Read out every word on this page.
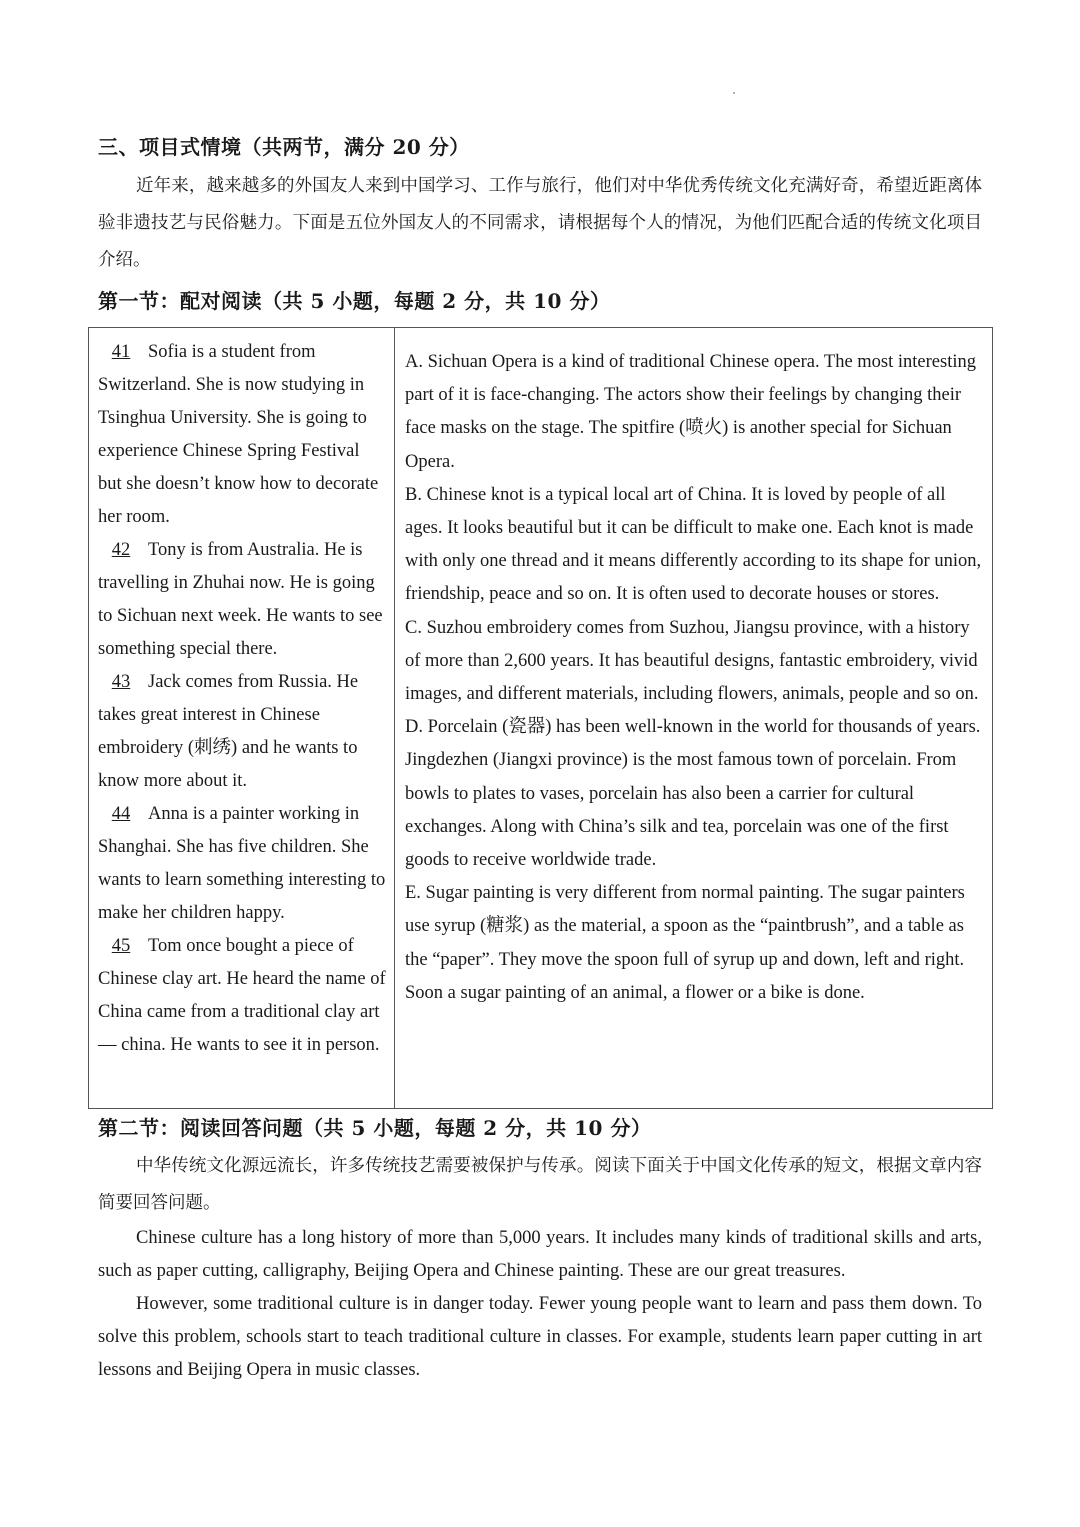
三、项目式情境（共两节，满分 20 分）

近年来，越来越多的外国友人来到中国学习、工作与旅行，他们对中华优秀传统文化充满好奇，希望近距离体验非遗技艺与民俗魅力。下面是五位外国友人的不同需求，请根据每个人的情况，为他们匹配合适的传统文化项目介绍。

第一节：配对阅读（共 5 小题，每题 2 分，共 10 分）

41 Sofia is a student from Switzerland. She is now studying in Tsinghua University. She is going to experience Chinese Spring Festival but she doesn’t know how to decorate her room.

42 Tony is from Australia. He is travelling in Zhuhai now. He is going to Sichuan next week. He wants to see something special there.

43 Jack comes from Russia. He takes great interest in Chinese embroidery (刺绣) and he wants to know more about it.

44 Anna is a painter working in Shanghai. She has five children. She wants to learn something interesting to make her children happy.

45 Tom once bought a piece of Chinese clay art. He heard the name of China came from a traditional clay art — china. He wants to see it in person.

A. Sichuan Opera is a kind of traditional Chinese opera. The most interesting part of it is face-changing. The actors show their feelings by changing their face masks on the stage. The spitfire (喷火) is another special for Sichuan Opera.

B. Chinese knot is a typical local art of China. It is loved by people of all ages. It looks beautiful but it can be difficult to make one. Each knot is made with only one thread and it means differently according to its shape for union, friendship, peace and so on. It is often used to decorate houses or stores.

C. Suzhou embroidery comes from Suzhou, Jiangsu province, with a history of more than 2,600 years. It has beautiful designs, fantastic embroidery, vivid images, and different materials, including flowers, animals, people and so on.

D. Porcelain (瓷器) has been well-known in the world for thousands of years. Jingdezhen (Jiangxi province) is the most famous town of porcelain. From bowls to plates to vases, porcelain has also been a carrier for cultural exchanges. Along with China’s silk and tea, porcelain was one of the first goods to receive worldwide trade.

E. Sugar painting is very different from normal painting. The sugar painters use syrup (糖浆) as the material, a spoon as the “paintbrush”, and a table as the “paper”. They move the spoon full of syrup up and down, left and right. Soon a sugar painting of an animal, a flower or a bike is done.

第二节：阅读回答问题（共 5 小题，每题 2 分，共 10 分）

中华传统文化源远流长，许多传统技艺需要被保护与传承。阅读下面关于中国文化传承的短文，根据文章内容简要回答问题。

Chinese culture has a long history of more than 5,000 years. It includes many kinds of traditional skills and arts, such as paper cutting, calligraphy, Beijing Opera and Chinese painting. These are our great treasures.

However, some traditional culture is in danger today. Fewer young people want to learn and pass them down. To solve this problem, schools start to teach traditional culture in classes. For example, students learn paper cutting in art lessons and Beijing Opera in music classes.
